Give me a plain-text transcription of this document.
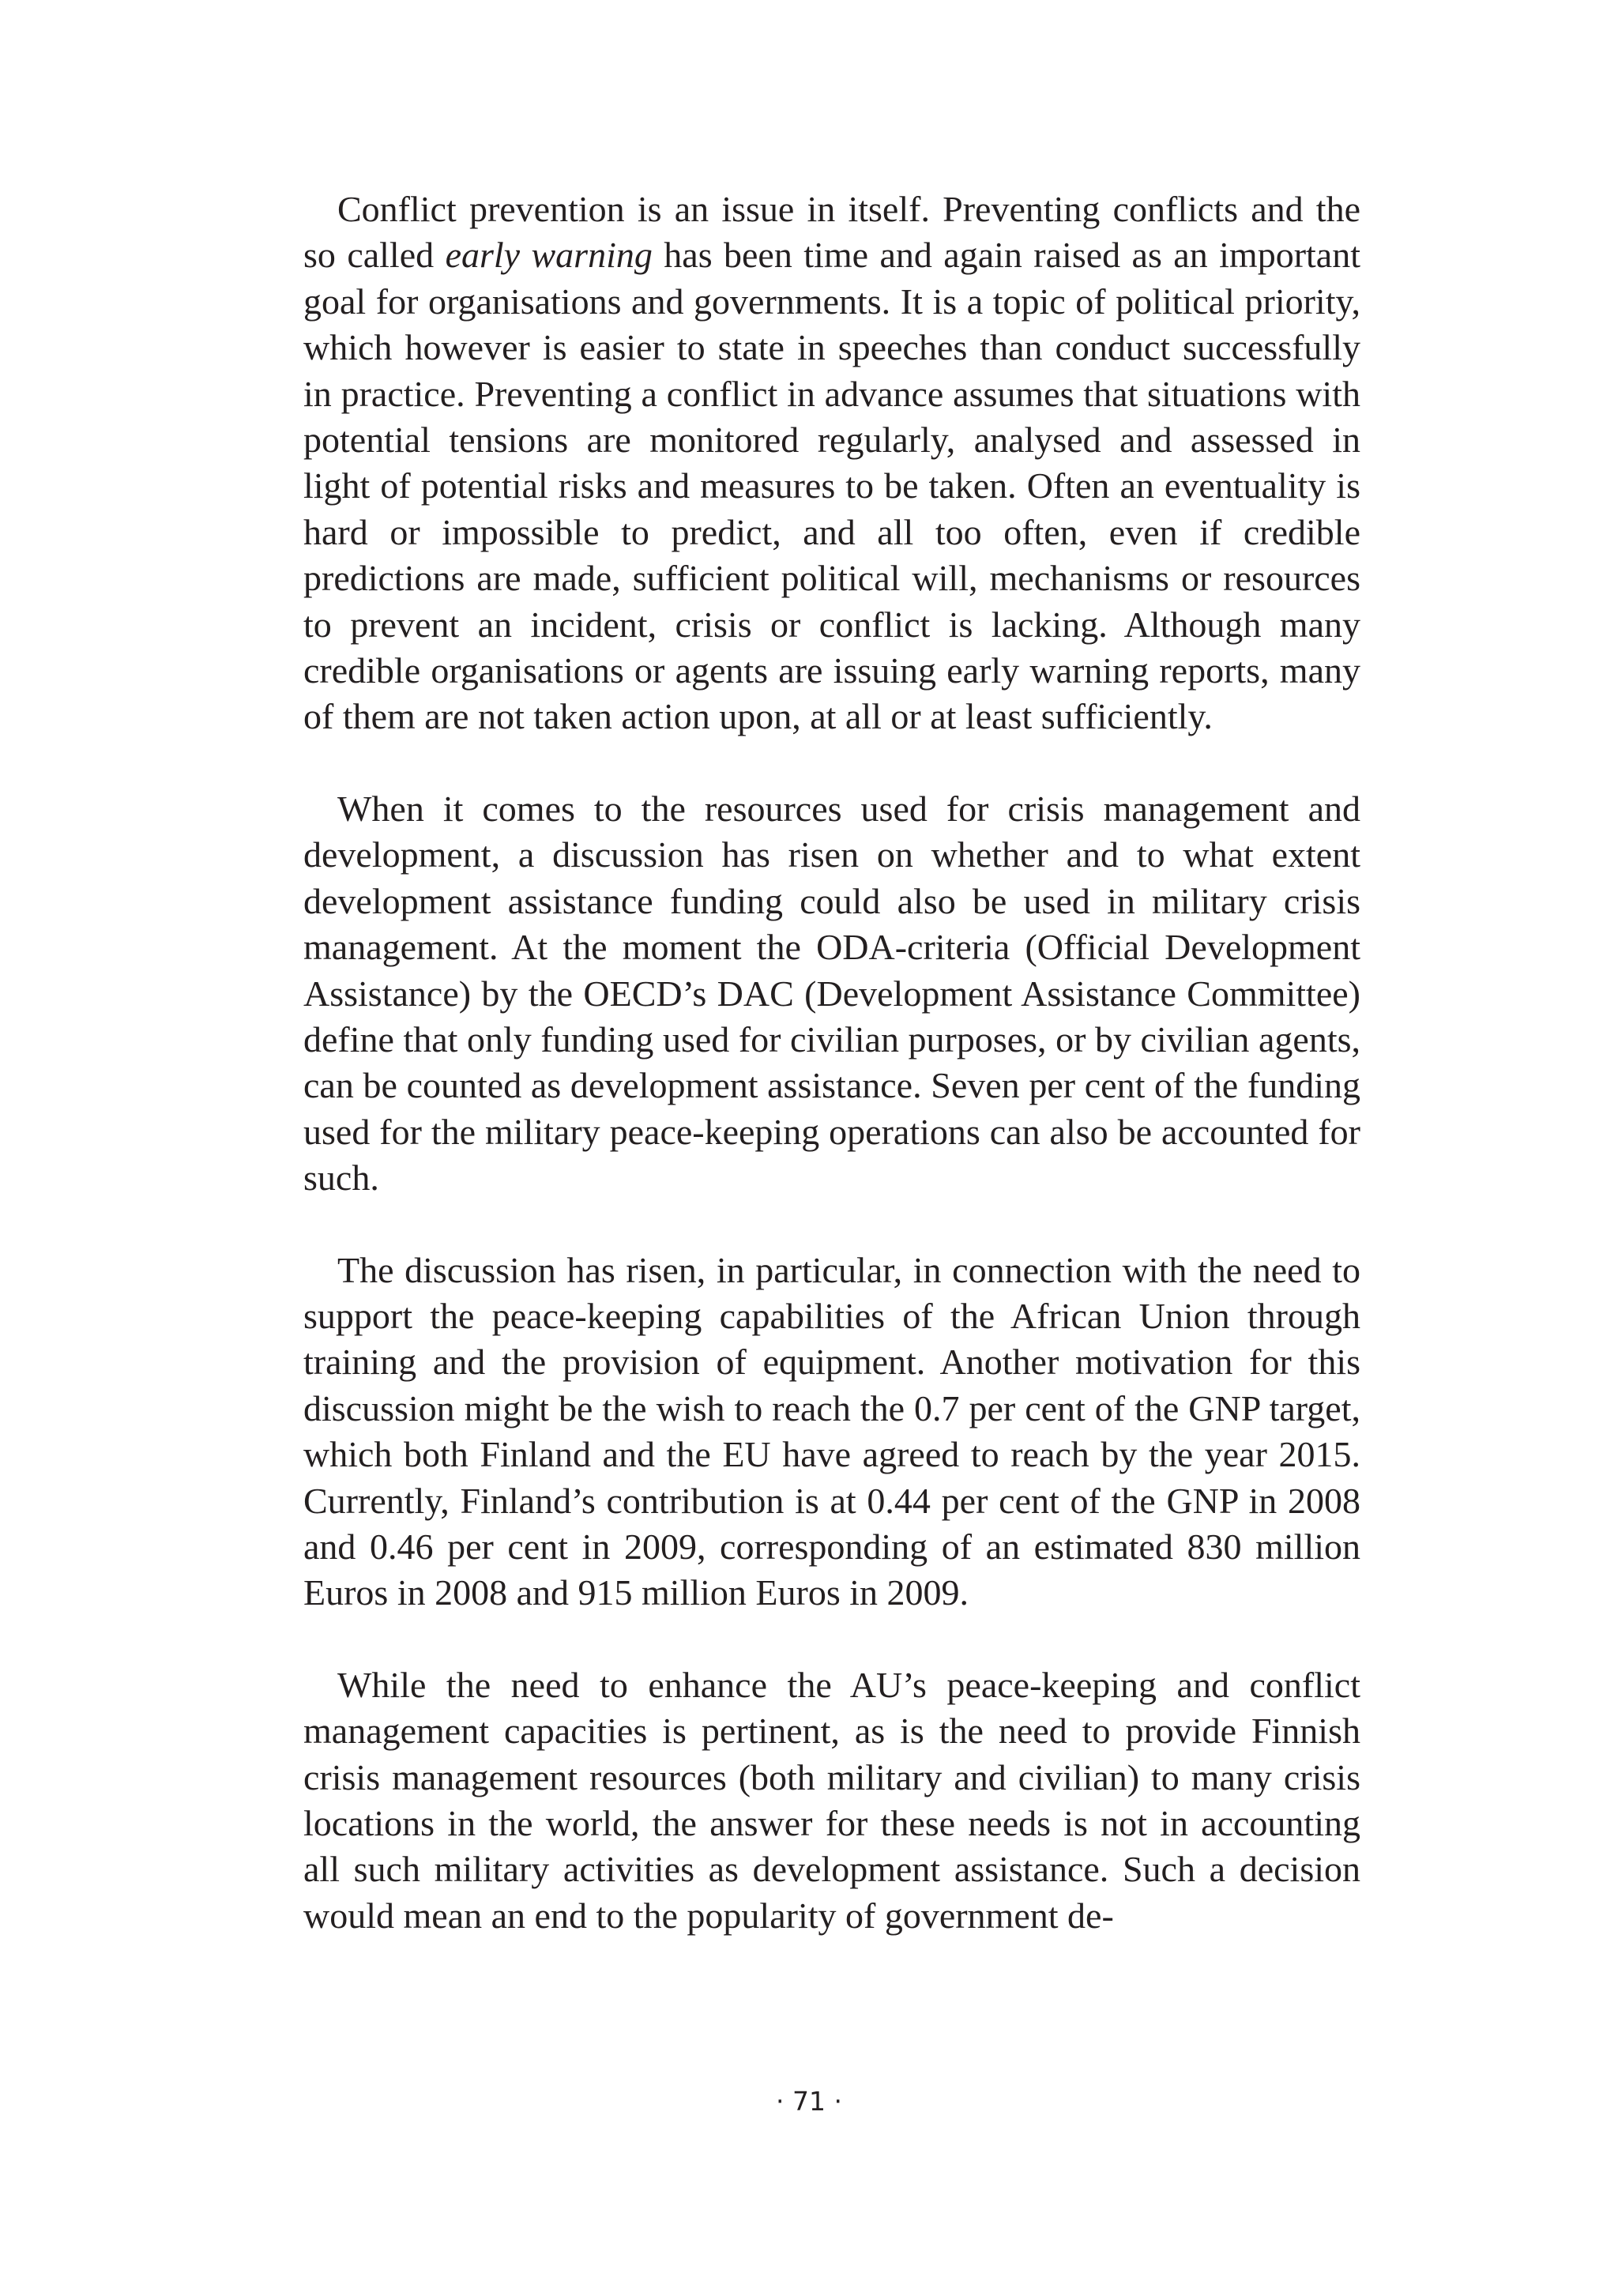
Conflict prevention is an issue in itself. Preventing conflicts and the so called early warning has been time and again raised as an important goal for organisations and governments. It is a topic of political priority, which however is easier to state in speeches than conduct successfully in practice. Preventing a conflict in advance assumes that situations with potential tensions are monitored regularly, analysed and assessed in light of potential risks and measures to be taken. Often an eventuality is hard or impossible to predict, and all too often, even if credible predictions are made, sufficient political will, mechanisms or resources to prevent an incident, crisis or conflict is lacking. Although many credible organisations or agents are issuing early warning reports, many of them are not taken action upon, at all or at least sufficiently.

When it comes to the resources used for crisis management and development, a discussion has risen on whether and to what extent development assistance funding could also be used in military crisis management. At the moment the ODA-criteria (Official Development Assistance) by the OECD’s DAC (Development Assistance Committee) define that only funding used for civilian purposes, or by civilian agents, can be counted as development assistance. Seven per cent of the funding used for the military peace-keeping operations can also be accounted for such.

The discussion has risen, in particular, in connection with the need to support the peace-keeping capabilities of the African Union through training and the provision of equipment. Another motivation for this discussion might be the wish to reach the 0.7 per cent of the GNP target, which both Finland and the EU have agreed to reach by the year 2015. Currently, Finland’s contribution is at 0.44 per cent of the GNP in 2008 and 0.46 per cent in 2009, corresponding of an estimated 830 million Euros in 2008 and 915 million Euros in 2009.

While the need to enhance the AU’s peace-keeping and conflict management capacities is pertinent, as is the need to provide Finnish crisis management resources (both military and civilian) to many crisis locations in the world, the answer for these needs is not in accounting all such military activities as development assistance. Such a decision would mean an end to the popularity of government de-

· 71 ·
